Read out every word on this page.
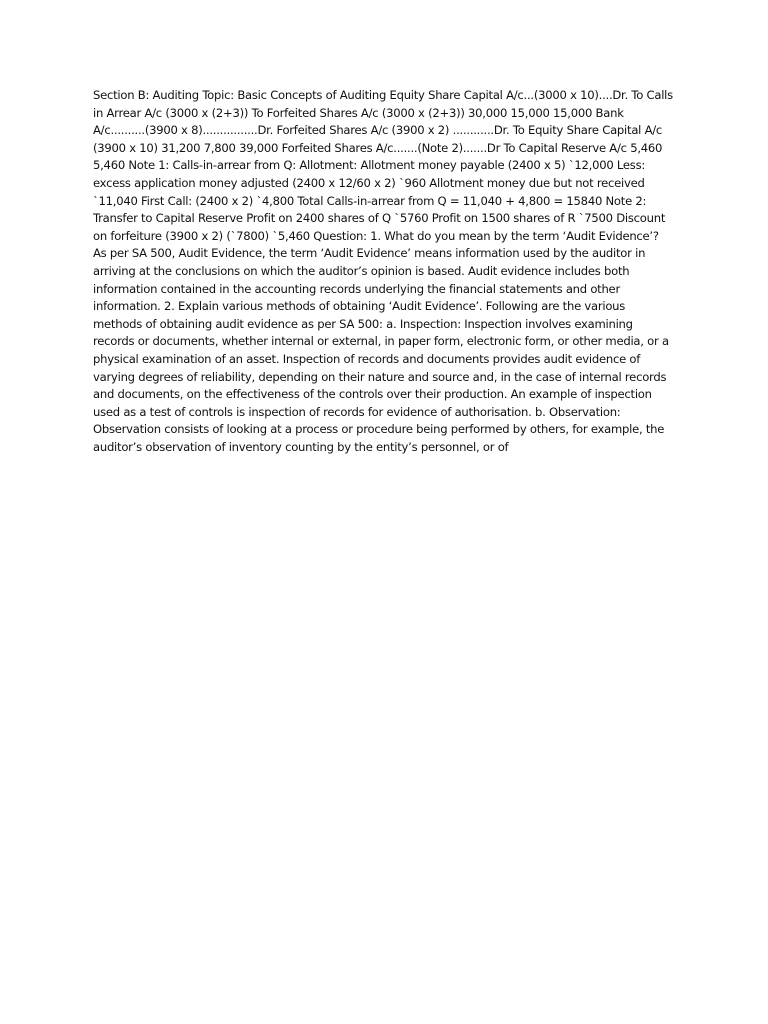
Section B: Auditing Topic: Basic Concepts of Auditing Equity Share Capital A/c...(3000 x 10)....Dr. To Calls in Arrear A/c (3000 x (2+3)) To Forfeited Shares A/c (3000 x (2+3)) 30,000 15,000 15,000 Bank A/c..........(3900 x 8)................Dr. Forfeited Shares A/c (3900 x 2) ............Dr. To Equity Share Capital A/c (3900 x 10) 31,200 7,800 39,000 Forfeited Shares A/c.......(Note 2).......Dr To Capital Reserve A/c 5,460 5,460 Note 1: Calls-in-arrear from Q: Allotment: Allotment money payable (2400 x 5) `12,000 Less: excess application money adjusted (2400 x 12/60 x 2) `960 Allotment money due but not received `11,040 First Call: (2400 x 2) `4,800 Total Calls-in-arrear from Q = 11,040 + 4,800 = 15840 Note 2: Transfer to Capital Reserve Profit on 2400 shares of Q `5760 Profit on 1500 shares of R `7500 Discount on forfeiture (3900 x 2) (`7800) `5,460 Question: 1. What do you mean by the term ‘Audit Evidence’? As per SA 500, Audit Evidence, the term ‘Audit Evidence’ means information used by the auditor in arriving at the conclusions on which the auditor’s opinion is based. Audit evidence includes both information contained in the accounting records underlying the financial statements and other information. 2. Explain various methods of obtaining ‘Audit Evidence’. Following are the various methods of obtaining audit evidence as per SA 500: a. Inspection: Inspection involves examining records or documents, whether internal or external, in paper form, electronic form, or other media, or a physical examination of an asset. Inspection of records and documents provides audit evidence of varying degrees of reliability, depending on their nature and source and, in the case of internal records and documents, on the effectiveness of the controls over their production. An example of inspection used as a test of controls is inspection of records for evidence of authorisation. b. Observation: Observation consists of looking at a process or procedure being performed by others, for example, the auditor’s observation of inventory counting by the entity’s personnel, or of
